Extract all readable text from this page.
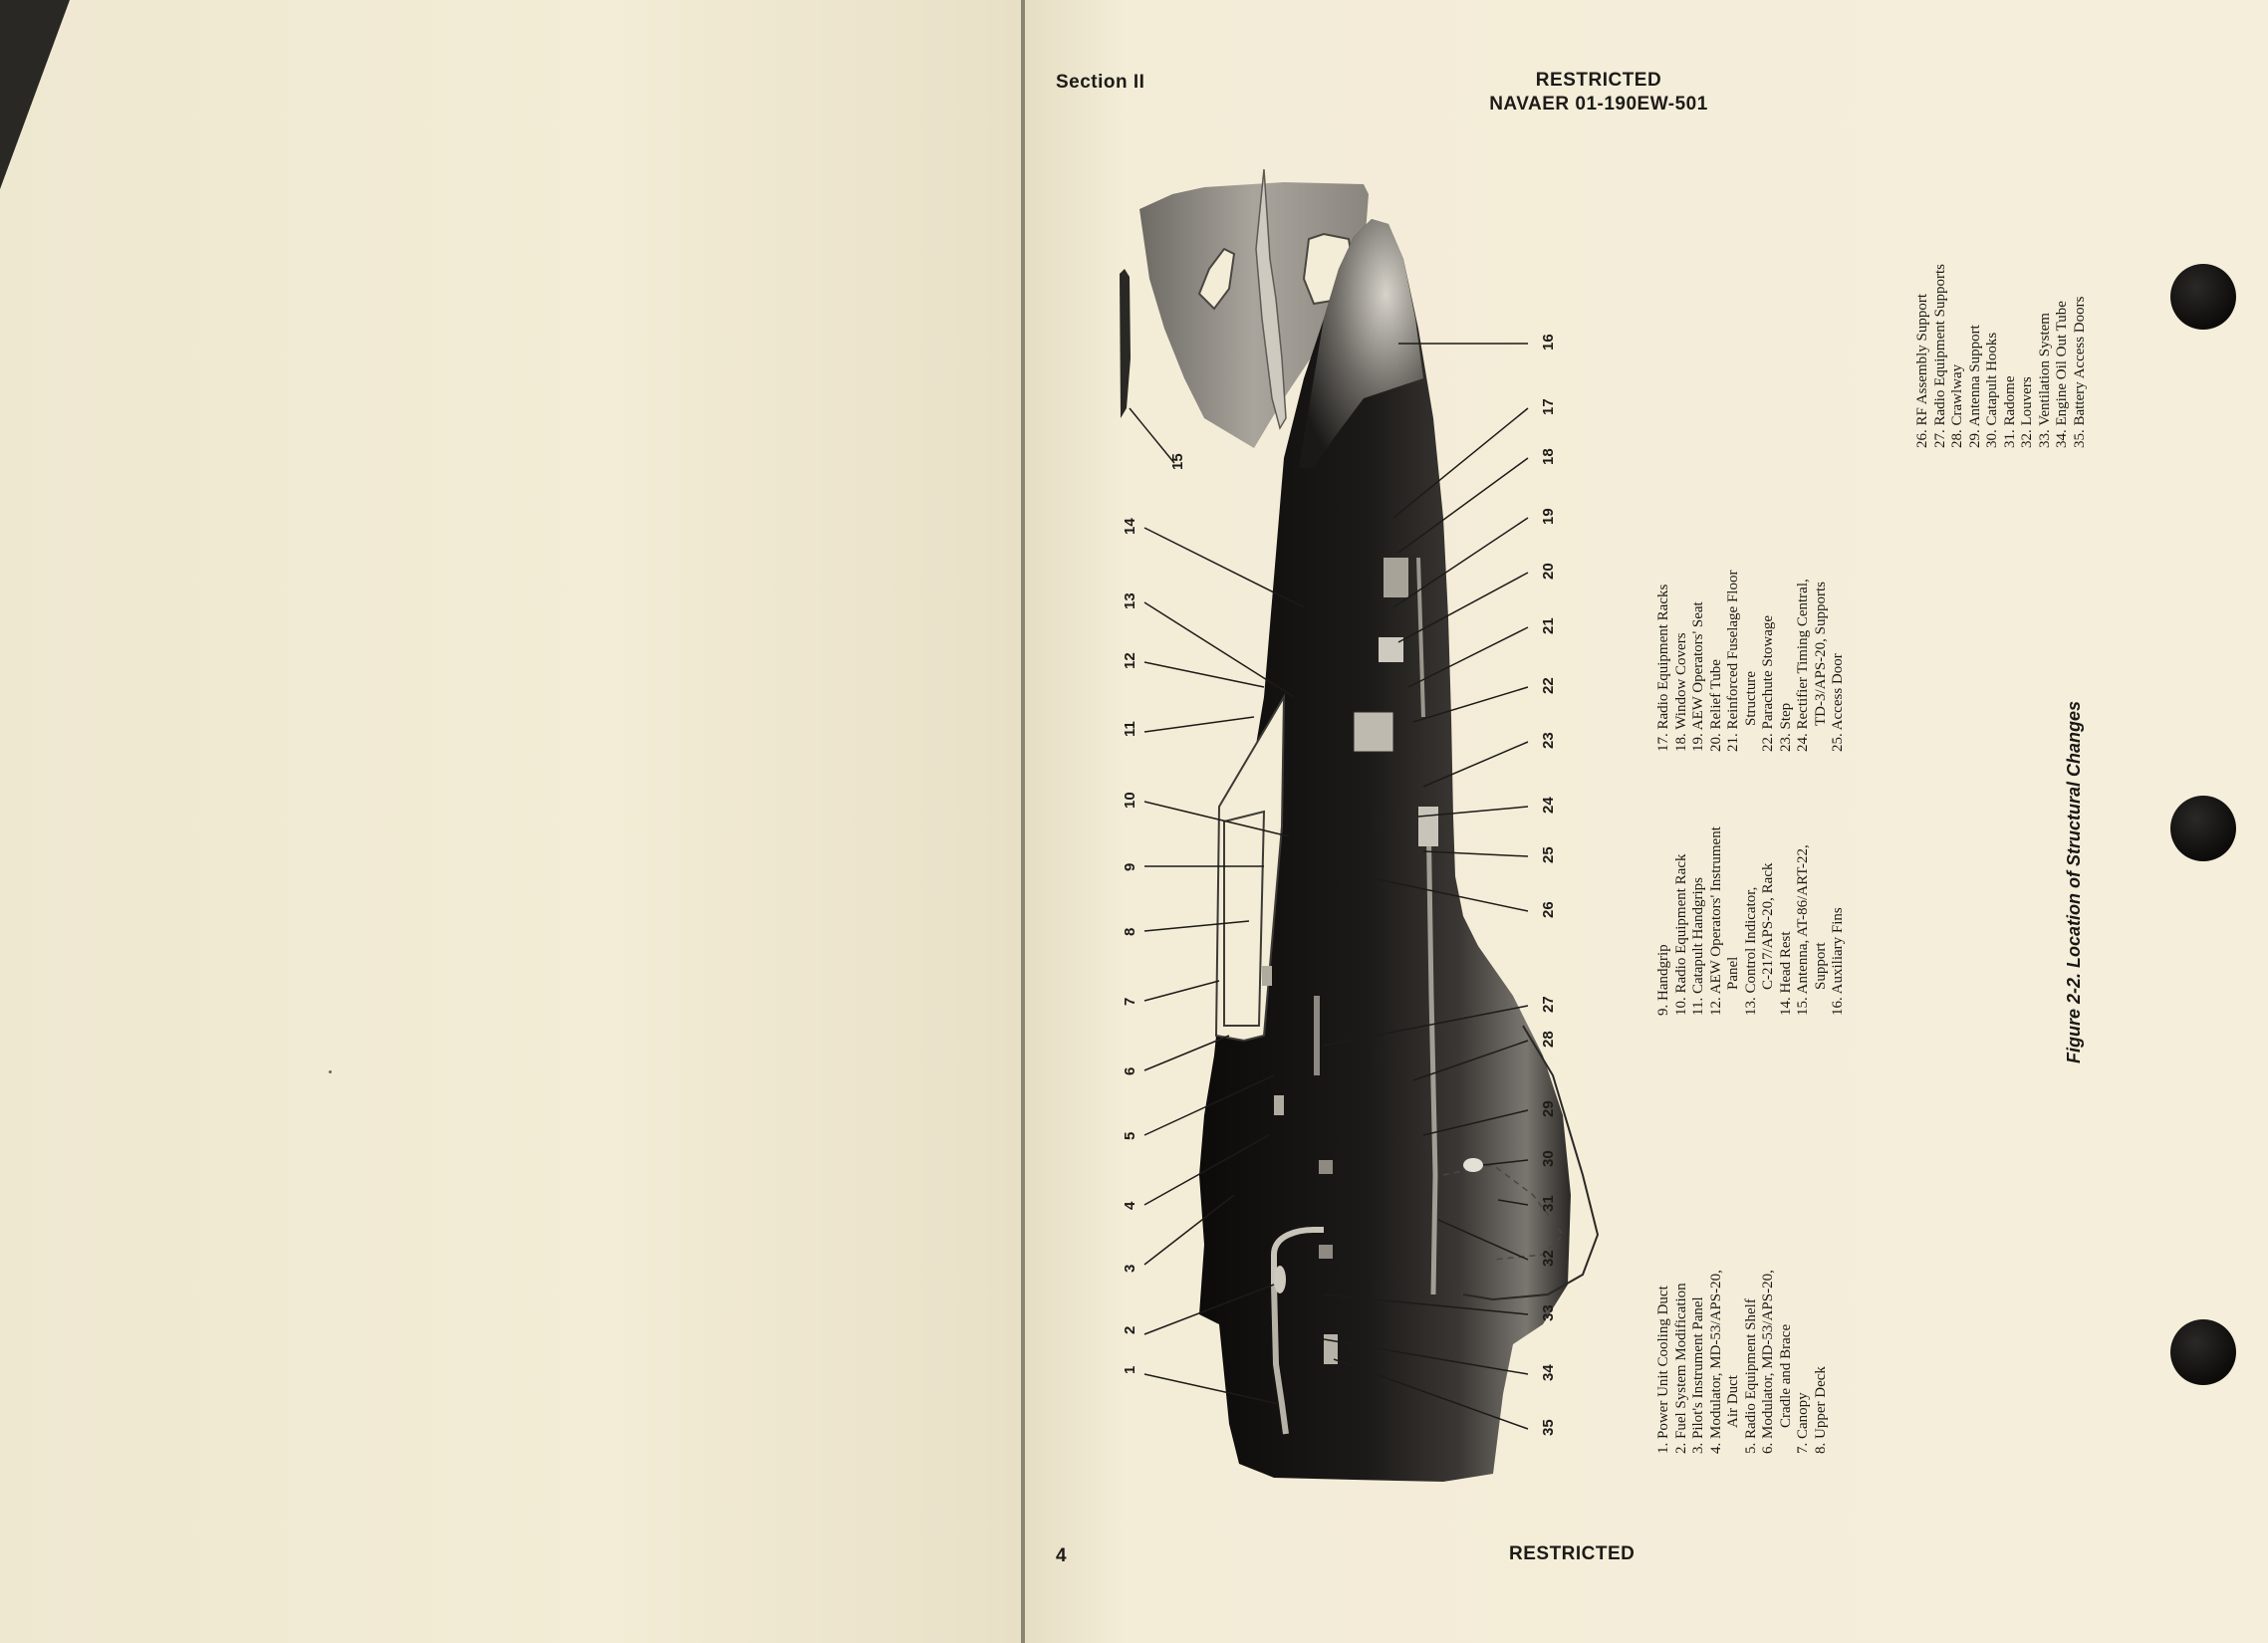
Section II	RESTRICTED
NAVAER 01-190EW-501
1
2
3
4
5
6
7
8
9
10
11
12
13
14
15
16
17
18
19
20
21
22
23
24
25
26
27
28
29
30
31
32
33
34
35	1. Power Unit Cooling Duct 2. Fuel System Modification 3. Pilot's Instrument Panel 4. Modulator, MD-53/APS-20, Air Duct 5. Radio Equipment Shelf 6. Modulator, MD-53/APS-20, Cradle and Brace 7. Canopy 8. Upper Deck
9. Handgrip 10. Radio Equipment Rack 11. Catapult Handgrips 12. AEW Operators' Instrument Panel 13. Control Indicator, C-217/APS-20, Rack 14. Head Rest 15. Antenna, AT-86/ART-22, Support 16. Auxiliary Fins
17. Radio Equipment Racks 18. Window Covers 19. AEW Operators' Seat 20. Relief Tube 21. Reinforced Fuselage Floor Structure 22. Parachute Stowage 23. Step 24. Rectifier Timing Central, TD-3/APS-20, Supports 25. Access Door
26. RF Assembly Support 27. Radio Equipment Supports 28. Crawlway 29. Antenna Support 30. Catapult Hooks 31. Radome 32. Louvers 33. Ventilation System 34. Engine Oil Out Tube 35. Battery Access Doors
Figure 2-2. Location of Structural Changes
4	RESTRICTED
